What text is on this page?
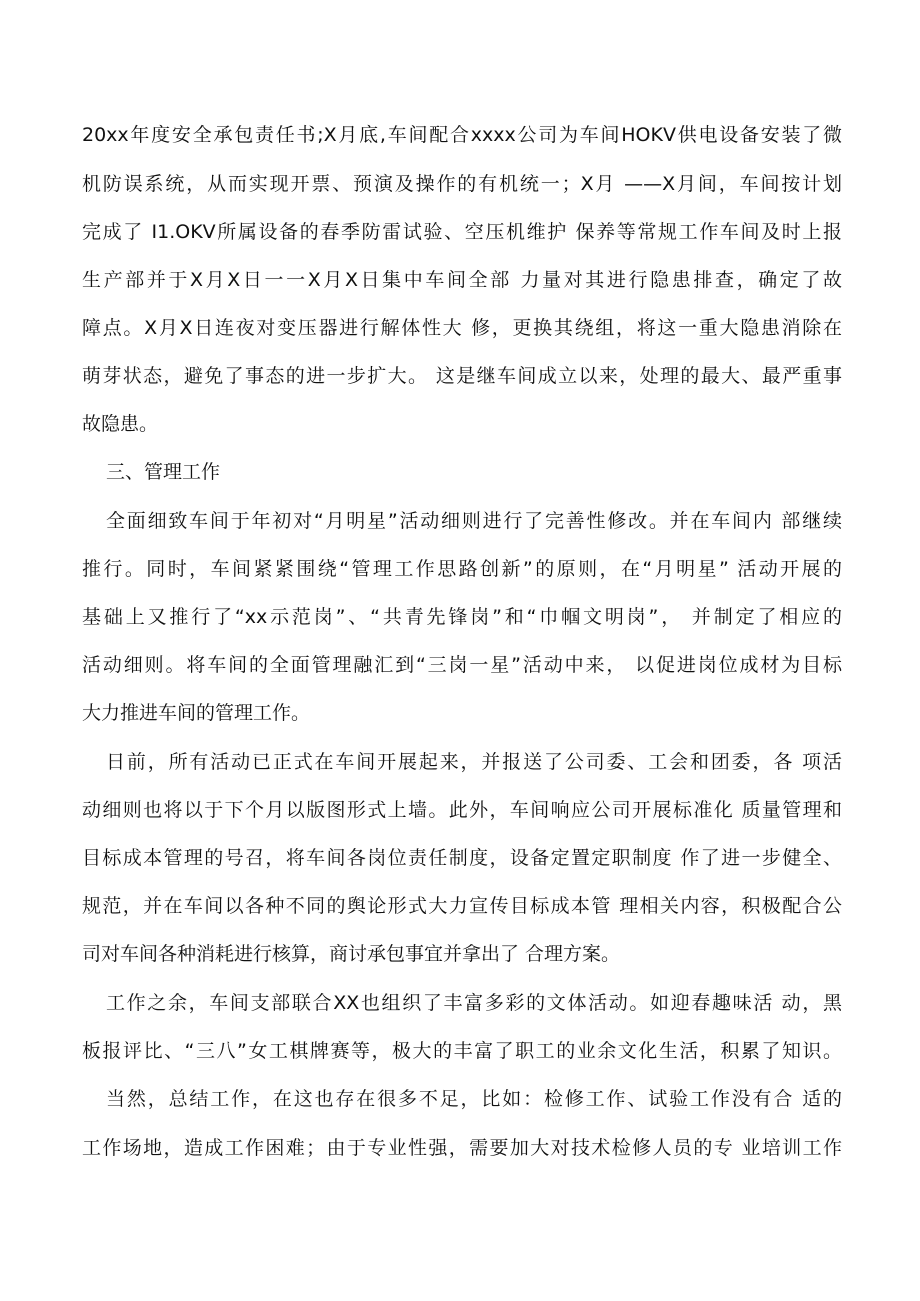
20xx年度安全承包责任书;X月底,车间配合xxxx公司为车间HOKV供电设备安装了微
机防误系统，从而实现开票、预演及操作的有机统一；X月 ——X月间，车间按计划
完成了 I1.OKV所属设备的春季防雷试验、空压机维护 保养等常规工作车间及时上报
生产部并于X月X日一一X月X日集中车间全部 力量对其进行隐患排查，确定了故
障点。X月X日连夜对变压器进行解体性大 修，更换其绕组，将这一重大隐患消除在
萌芽状态，避免了事态的进一步扩大。 这是继车间成立以来，处理的最大、最严重事
故隐患。
三、管理工作
全面细致车间于年初对“月明星”活动细则进行了完善性修改。并在车间内 部继续
推行。同时，车间紧紧围绕“管理工作思路创新”的原则，在“月明星” 活动开展的
基础上又推行了“xx示范岗”、“共青先锋岗”和“巾帼文明岗”， 并制定了相应的
活动细则。将车间的全面管理融汇到“三岗一星”活动中来， 以促进岗位成材为目标
大力推进车间的管理工作。
日前，所有活动已正式在车间开展起来，并报送了公司委、工会和团委，各 项活
动细则也将以于下个月以版图形式上墙。此外，车间响应公司开展标准化 质量管理和
目标成本管理的号召，将车间各岗位责任制度，设备定置定职制度 作了进一步健全、
规范，并在车间以各种不同的舆论形式大力宣传目标成本管 理相关内容，积极配合公
司对车间各种消耗进行核算，商讨承包事宜并拿出了 合理方案。
工作之余，车间支部联合XX也组织了丰富多彩的文体活动。如迎春趣味活 动，黑
板报评比、“三八”女工棋牌赛等，极大的丰富了职工的业余文化生活，积累了知识。
当然，总结工作，在这也存在很多不足，比如：检修工作、试验工作没有合 适的
工作场地，造成工作困难；由于专业性强，需要加大对技术检修人员的专 业培训工作
